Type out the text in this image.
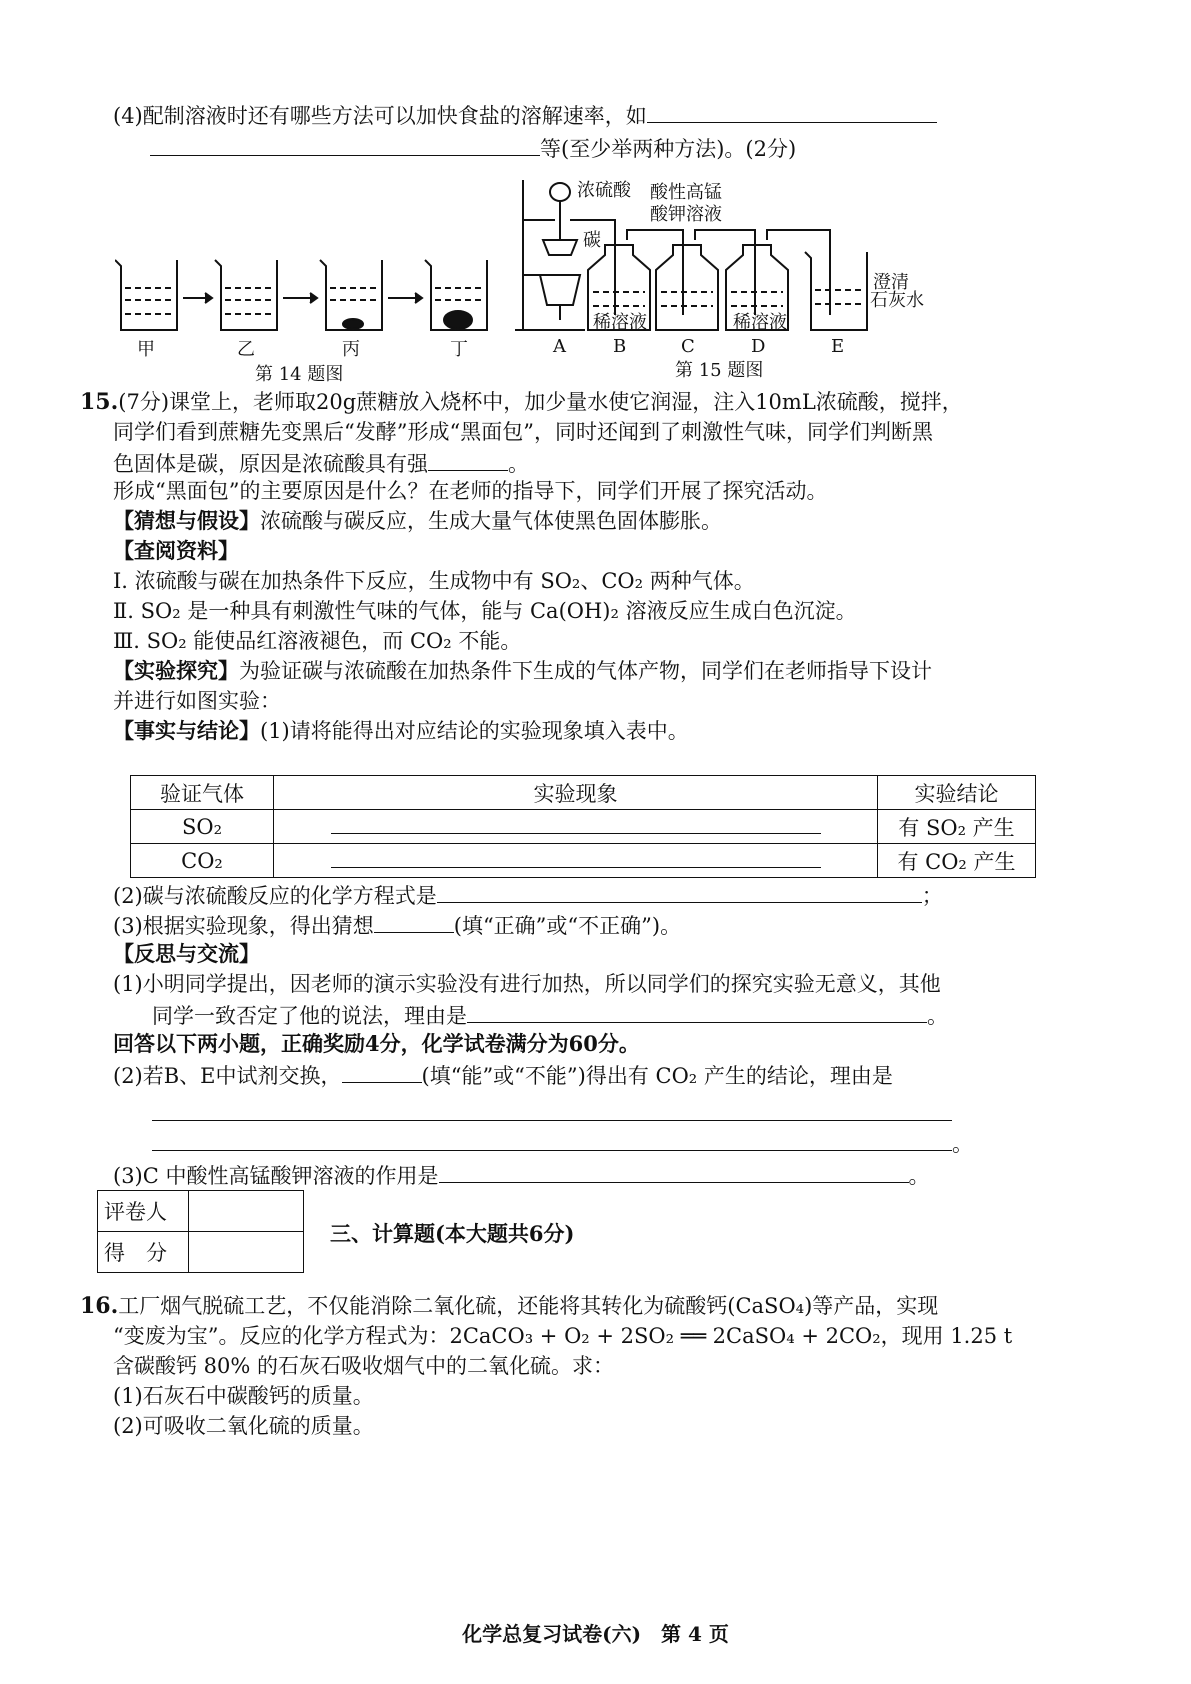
(4)配制溶液时还有哪些方法可以加快食盐的溶解速率，如
等(至少举两种方法)。(2分)
甲	乙	丙	丁
第 14 题图
浓硫酸
碳
酸性高锰
酸钾溶液
稀溶液	稀溶液
澄清
石灰水
A	B	C	D	E
第 15 题图
15.(7分)课堂上，老师取20g蔗糖放入烧杯中，加少量水使它润湿，注入10mL浓硫酸，搅拌，
同学们看到蔗糖先变黑后“发酵”形成“黑面包”，同时还闻到了刺激性气味，同学们判断黑
色固体是碳，原因是浓硫酸具有强	。
形成“黑面包”的主要原因是什么？在老师的指导下，同学们开展了探究活动。
【猜想与假设】浓硫酸与碳反应，生成大量气体使黑色固体膨胀。
【查阅资料】
Ⅰ. 浓硫酸与碳在加热条件下反应，生成物中有 SO₂、CO₂ 两种气体。
Ⅱ. SO₂ 是一种具有刺激性气味的气体，能与 Ca(OH)₂ 溶液反应生成白色沉淀。
Ⅲ. SO₂ 能使品红溶液褪色，而 CO₂ 不能。
【实验探究】为验证碳与浓硫酸在加热条件下生成的气体产物，同学们在老师指导下设计
并进行如图实验：
【事实与结论】(1)请将能得出对应结论的实验现象填入表中。
验证气体	实验现象	实验结论
SO₂		有 SO₂ 产生
CO₂		有 CO₂ 产生
(2)碳与浓硫酸反应的化学方程式是	；
(3)根据实验现象，得出猜想	(填“正确”或“不正确”)。
【反思与交流】
(1)小明同学提出，因老师的演示实验没有进行加热，所以同学们的探究实验无意义，其他
同学一致否定了他的说法，理由是	。
回答以下两小题，正确奖励4分，化学试卷满分为60分。
(2)若B、E中试剂交换，	(填“能”或“不能”)得出有 CO₂ 产生的结论，理由是
。
(3)C 中酸性高锰酸钾溶液的作用是	。
评卷人	
得　分	
三、计算题(本大题共6分)
16.工厂烟气脱硫工艺，不仅能消除二氧化硫，还能将其转化为硫酸钙(CaSO₄)等产品，实现
“变废为宝”。反应的化学方程式为：2CaCO₃ + O₂ + 2SO₂ ══ 2CaSO₄ + 2CO₂，现用 1.25 t
含碳酸钙 80% 的石灰石吸收烟气中的二氧化硫。求：
(1)石灰石中碳酸钙的质量。
(2)可吸收二氧化硫的质量。
化学总复习试卷(六)　第 4 页
